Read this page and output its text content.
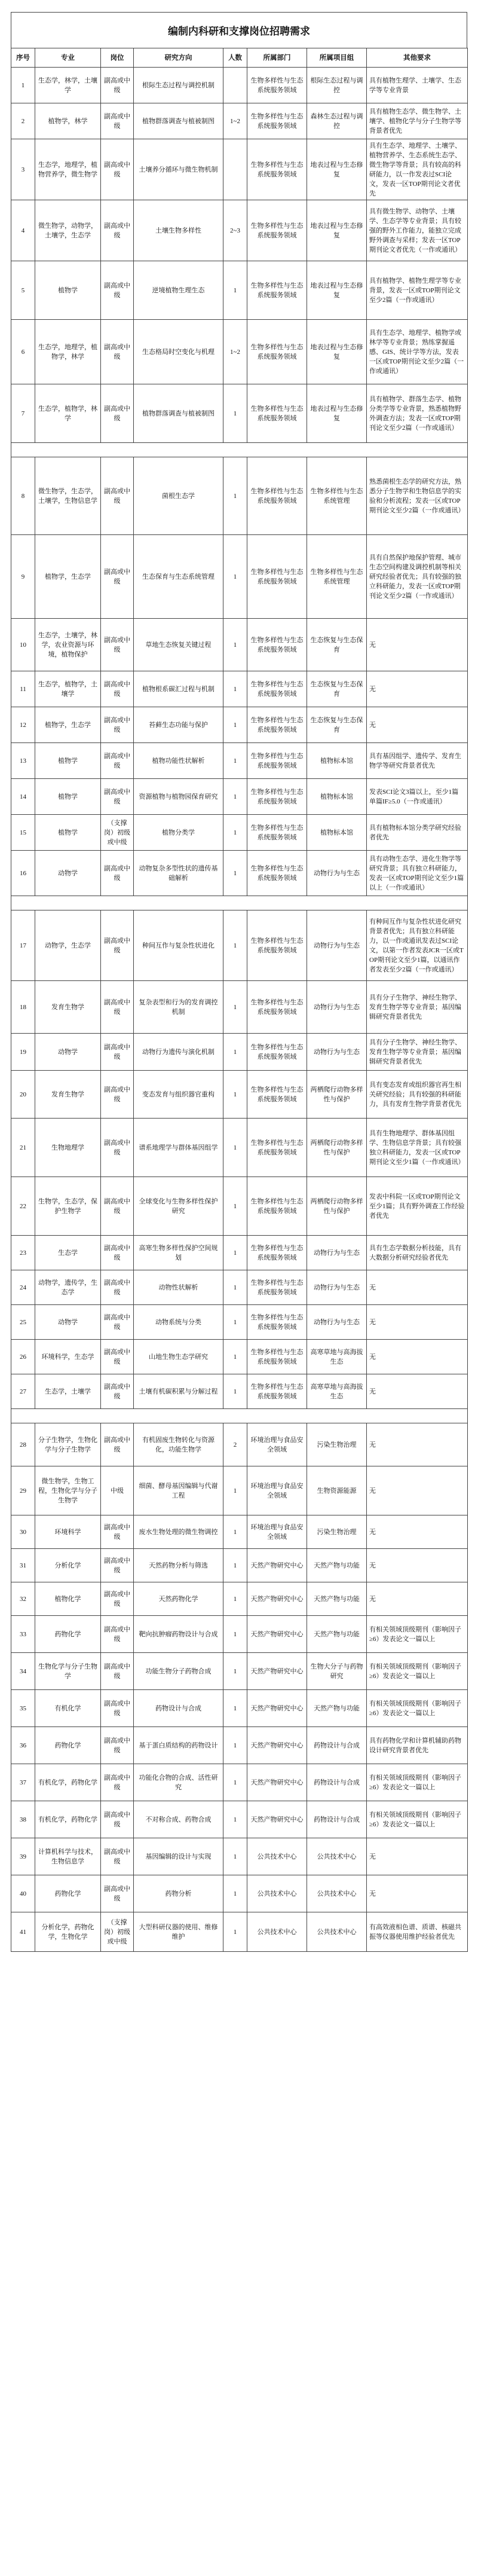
编制内科研和支撑岗位招聘需求
序号	专业	岗位	研究方向	人数	所属部门	所属项目组	其他要求
1	生态学，林学，土壤学	副高或中级	根际生态过程与调控机制		生物多样性与生态系统服务领域	根际生态过程与调控	具有植物生理学、土壤学、生态学等专业背景
2	植物学，林学	副高或中级	植物群落调查与植被制图	1~2	生物多样性与生态系统服务领域	森林生态过程与调控	具有植物生态学、微生物学、土壤学、植物化学与分子生物学等背景者优先
3	生态学，地理学，植物营养学，微生物学	副高或中级	土壤养分循环与微生物机制		生物多样性与生态系统服务领域	地表过程与生态修复	具有生态学、地理学、土壤学、植物营养学、生态系统生态学、微生物学等背景；具有较高的科研能力，以一作发表过SCI论文，发表一区TOP期刊论文者优先
4	微生物学，动物学，土壤学，生态学	副高或中级	土壤生物多样性	2~3	生物多样性与生态系统服务领域	地表过程与生态修复	具有微生物学、动物学、土壤学、生态学等专业背景；具有较强的野外工作能力，能独立完成野外调查与采样；发表一区TOP期刊论文者优先（一作或通讯）
5	植物学	副高或中级	逆境植物生理生态	1	生物多样性与生态系统服务领域	地表过程与生态修复	具有植物学、植物生理学等专业背景，发表一区或TOP期刊论文至少2篇（一作或通讯）
6	生态学，地理学，植物学，林学	副高或中级	生态格局时空变化与机理	1~2	生物多样性与生态系统服务领域	地表过程与生态修复	具有生态学、地理学、植物学或林学等专业背景；熟练掌握遥感、GIS、统计学等方法，发表一区或TOP期刊论文至少2篇（一作或通讯）
7	生态学，植物学，林学	副高或中级	植物群落调查与植被制图	1	生物多样性与生态系统服务领域	地表过程与生态修复	具有植物学、群落生态学、植物分类学等专业背景，熟悉植物野外调查方法；发表一区或TOP期刊论文至少2篇（一作或通讯）

8	微生物学，生态学，土壤学，生物信息学	副高或中级	菌根生态学	1	生物多样性与生态系统服务领域	生物多样性与生态系统管理	熟悉菌根生态学的研究方法，熟悉分子生物学和生物信息学的实验和分析流程；发表一区或TOP期刊论文至少2篇（一作或通讯）
9	植物学，生态学	副高或中级	生态保育与生态系统管理	1	生物多样性与生态系统服务领域	生物多样性与生态系统管理	具有自然保护地保护管理、城市生态空间构建及调控机制等相关研究经验者优先；具有较强的独立科研能力，发表一区或TOP期刊论文至少2篇（一作或通讯）
10	生态学，土壤学，林学，农业资源与环境，植物保护	副高或中级	草地生态恢复关键过程	1	生物多样性与生态系统服务领域	生态恢复与生态保育	无
11	生态学，植物学，土壤学	副高或中级	植物根系碳汇过程与机制	1	生物多样性与生态系统服务领域	生态恢复与生态保育	无
12	植物学，生态学	副高或中级	苔藓生态功能与保护	1	生物多样性与生态系统服务领域	生态恢复与生态保育	无
13	植物学	副高或中级	植物功能性状解析	1	生物多样性与生态系统服务领域	植物标本馆	具有基因组学、遗传学、发育生物学等研究背景者优先
14	植物学	副高或中级	资源植物与植物园保育研究	1	生物多样性与生态系统服务领域	植物标本馆	发表SCI论文3篇以上，至少1篇单篇IF≥5.0（一作或通讯）
15	植物学	（支撑岗）初级或中级	植物分类学	1	生物多样性与生态系统服务领域	植物标本馆	具有植物标本馆分类学研究经验者优先
16	动物学	副高或中级	动物复杂多型性状的遗传基础解析	1	生物多样性与生态系统服务领域	动物行为与生态	具有动物生态学、进化生物学等研究背景；具有独立科研能力，发表一区或TOP期刊论文至少1篇以上（一作或通讯）

17	动物学，生态学	副高或中级	种间互作与复杂性状进化	1	生物多样性与生态系统服务领域	动物行为与生态	有种间互作与复杂性状进化研究背景者优先；具有独立科研能力，以一作或通讯发表过SCI论文，以第一作者发表JCR一区或TOP期刊论文至少1篇，以通讯作者发表至少2篇（一作或通讯）
18	发育生物学	副高或中级	复杂表型和行为的发育调控机制	1	生物多样性与生态系统服务领域	动物行为与生态	具有分子生物学、神经生物学、发育生物学等专业背景；基因编辑研究背景者优先
19	动物学	副高或中级	动物行为遗传与演化机制	1	生物多样性与生态系统服务领域	动物行为与生态	具有分子生物学、神经生物学、发育生物学等专业背景；基因编辑研究背景者优先
20	发育生物学	副高或中级	变态发育与组织器官重构	1	生物多样性与生态系统服务领域	两栖爬行动物多样性与保护	具有变态发育或组织器官再生相关研究经验；具有较强的科研能力，具有发育生物学背景者优先
21	生物地理学	副高或中级	谱系地理学与群体基因组学	1	生物多样性与生态系统服务领域	两栖爬行动物多样性与保护	具有生物地理学、群体基因组学、生物信息学背景；具有较强独立科研能力，发表一区或TOP期刊论文至少1篇（一作或通讯）
22	生物学，生态学，保护生物学	副高或中级	全球变化与生物多样性保护研究	1	生物多样性与生态系统服务领域	两栖爬行动物多样性与保护	发表中科院一区或TOP期刊论文至少1篇；具有野外调查工作经验者优先
23	生态学	副高或中级	高寒生物多样性保护空间规划	1	生物多样性与生态系统服务领域	动物行为与生态	具有生态学数据分析技能，具有大数据分析研究经验者优先
24	动物学，遗传学，生态学	副高或中级	动物性状解析	1	生物多样性与生态系统服务领域	动物行为与生态	无
25	动物学	副高或中级	动物系统与分类	1	生物多样性与生态系统服务领域	动物行为与生态	无
26	环境科学，生态学	副高或中级	山地生物生态学研究	1	生物多样性与生态系统服务领域	高寒草地与高海拔生态	无
27	生态学，土壤学	副高或中级	土壤有机碳积累与分解过程	1	生物多样性与生态系统服务领域	高寒草地与高海拔生态	无

28	分子生物学，生物化学与分子生物学	副高或中级	有机固废生物转化与资源化，功能生物学	2	环境治理与食品安全领域	污染生物治理	无
29	微生物学，生物工程，生物化学与分子生物学	中级	细菌、酵母基因编辑与代谢工程	1	环境治理与食品安全领域	生物资源能源	无
30	环境科学	副高或中级	废水生物处理的微生物调控	1	环境治理与食品安全领域	污染生物治理	无
31	分析化学	副高或中级	天然药物分析与筛选	1	天然产物研究中心	天然产物与功能	无
32	植物化学	副高或中级	天然药物化学	1	天然产物研究中心	天然产物与功能	无
33	药物化学	副高或中级	靶向抗肿瘤药物设计与合成	1	天然产物研究中心	天然产物与功能	有相关领域顶级期刊（影响因子≥6）发表论文一篇以上
34	生物化学与分子生物学	副高或中级	功能生物分子药物合成	1	天然产物研究中心	生物大分子与药物研究	有相关领域顶级期刊（影响因子≥6）发表论文一篇以上
35	有机化学	副高或中级	药物设计与合成	1	天然产物研究中心	天然产物与功能	有相关领域顶级期刊（影响因子≥6）发表论文一篇以上
36	药物化学	副高或中级	基于蛋白质结构的药物设计	1	天然产物研究中心	药物设计与合成	具有药物化学和计算机辅助药物设计研究背景者优先
37	有机化学，药物化学	副高或中级	功能化合物的合成、活性研究	1	天然产物研究中心	药物设计与合成	有相关领域顶级期刊（影响因子≥6）发表论文一篇以上
38	有机化学，药物化学	副高或中级	不对称合成、药物合成	1	天然产物研究中心	药物设计与合成	有相关领域顶级期刊（影响因子≥6）发表论文一篇以上
39	计算机科学与技术，生物信息学	副高或中级	基因编辑的设计与实现	1	公共技术中心	公共技术中心	无
40	药物化学	副高或中级	药物分析	1	公共技术中心	公共技术中心	无
41	分析化学，药物化学，生物化学	（支撑岗）初级或中级	大型科研仪器的使用、维修维护	1	公共技术中心	公共技术中心	有高效液相色谱、质谱、核磁共振等仪器使用维护经验者优先
